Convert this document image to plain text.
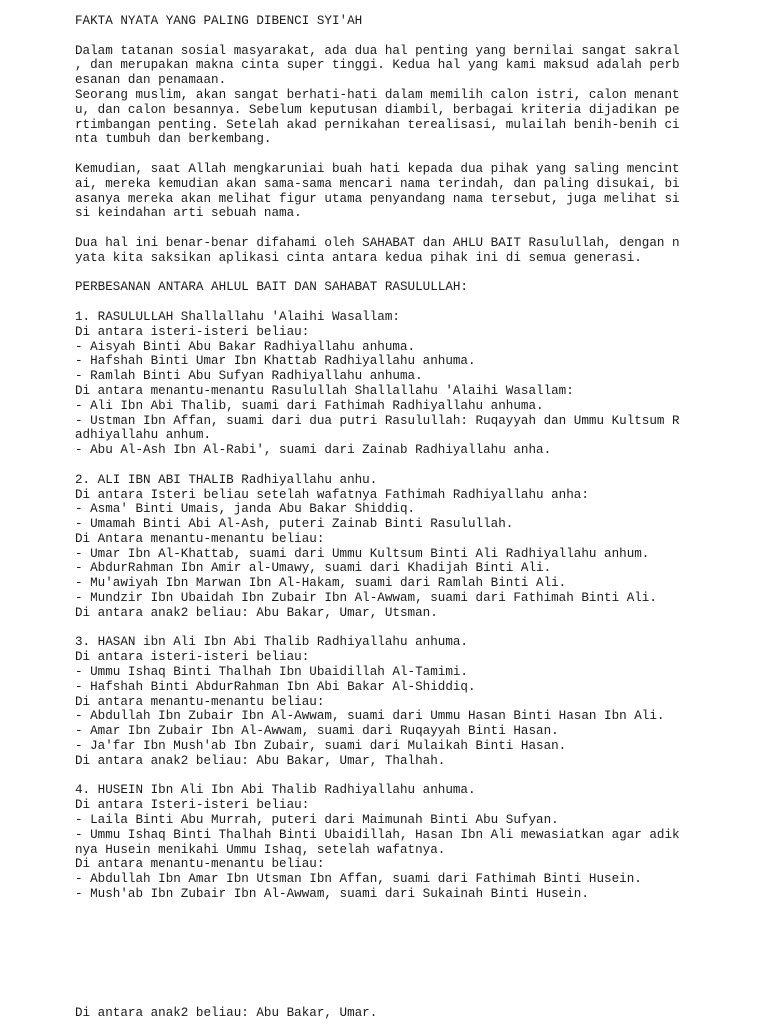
FAKTA NYATA YANG PALING DIBENCI SYI'AH
Dalam tatanan sosial masyarakat, ada dua hal penting yang bernilai sangat sakral
, dan merupakan makna cinta super tinggi. Kedua hal yang kami maksud adalah perb
esanan dan penamaan.
Seorang muslim, akan sangat berhati-hati dalam memilih calon istri, calon menant
u, dan calon besannya. Sebelum keputusan diambil, berbagai kriteria dijadikan pe
rtimbangan penting. Setelah akad pernikahan terealisasi, mulailah benih-benih ci
nta tumbuh dan berkembang.
Kemudian, saat Allah mengkaruniai buah hati kepada dua pihak yang saling mencint
ai, mereka kemudian akan sama-sama mencari nama terindah, dan paling disukai, bi
asanya mereka akan melihat figur utama penyandang nama tersebut, juga melihat si
si keindahan arti sebuah nama.
Dua hal ini benar-benar difahami oleh SAHABAT dan AHLU BAIT Rasulullah, dengan n
yata kita saksikan aplikasi cinta antara kedua pihak ini di semua generasi.
PERBESANAN ANTARA AHLUL BAIT DAN SAHABAT RASULULLAH:
1. RASULULLAH Shallallahu 'Alaihi Wasallam:
Di antara isteri-isteri beliau:
- Aisyah Binti Abu Bakar Radhiyallahu anhuma.
- Hafshah Binti Umar Ibn Khattab Radhiyallahu anhuma.
- Ramlah Binti Abu Sufyan Radhiyallahu anhuma.
Di antara menantu-menantu Rasulullah Shallallahu 'Alaihi Wasallam:
- Ali Ibn Abi Thalib, suami dari Fathimah Radhiyallahu anhuma.
- Ustman Ibn Affan, suami dari dua putri Rasulullah: Ruqayyah dan Ummu Kultsum R
adhiyallahu anhum.
- Abu Al-Ash Ibn Al-Rabi', suami dari Zainab Radhiyallahu anha.
2. ALI IBN ABI THALIB Radhiyallahu anhu.
Di antara Isteri beliau setelah wafatnya Fathimah Radhiyallahu anha:
- Asma' Binti Umais, janda Abu Bakar Shiddiq.
- Umamah Binti Abi Al-Ash, puteri Zainab Binti Rasulullah.
Di Antara menantu-menantu beliau:
- Umar Ibn Al-Khattab, suami dari Ummu Kultsum Binti Ali Radhiyallahu anhum.
- AbdurRahman Ibn Amir al-Umawy, suami dari Khadijah Binti Ali.
- Mu'awiyah Ibn Marwan Ibn Al-Hakam, suami dari Ramlah Binti Ali.
- Mundzir Ibn Ubaidah Ibn Zubair Ibn Al-Awwam, suami dari Fathimah Binti Ali.
Di antara anak2 beliau: Abu Bakar, Umar, Utsman.
3. HASAN ibn Ali Ibn Abi Thalib Radhiyallahu anhuma.
Di antara isteri-isteri beliau:
- Ummu Ishaq Binti Thalhah Ibn Ubaidillah Al-Tamimi.
- Hafshah Binti AbdurRahman Ibn Abi Bakar Al-Shiddiq.
Di antara menantu-menantu beliau:
- Abdullah Ibn Zubair Ibn Al-Awwam, suami dari Ummu Hasan Binti Hasan Ibn Ali.
- Amar Ibn Zubair Ibn Al-Awwam, suami dari Ruqayyah Binti Hasan.
- Ja'far Ibn Mush'ab Ibn Zubair, suami dari Mulaikah Binti Hasan.
Di antara anak2 beliau: Abu Bakar, Umar, Thalhah.
4. HUSEIN Ibn Ali Ibn Abi Thalib Radhiyallahu anhuma.
Di antara Isteri-isteri beliau:
- Laila Binti Abu Murrah, puteri dari Maimunah Binti Abu Sufyan.
- Ummu Ishaq Binti Thalhah Binti Ubaidillah, Hasan Ibn Ali mewasiatkan agar adik
nya Husein menikahi Ummu Ishaq, setelah wafatnya.
Di antara menantu-menantu beliau:
- Abdullah Ibn Amar Ibn Utsman Ibn Affan, suami dari Fathimah Binti Husein.
- Mush'ab Ibn Zubair Ibn Al-Awwam, suami dari Sukainah Binti Husein.
Di antara anak2 beliau: Abu Bakar, Umar.
